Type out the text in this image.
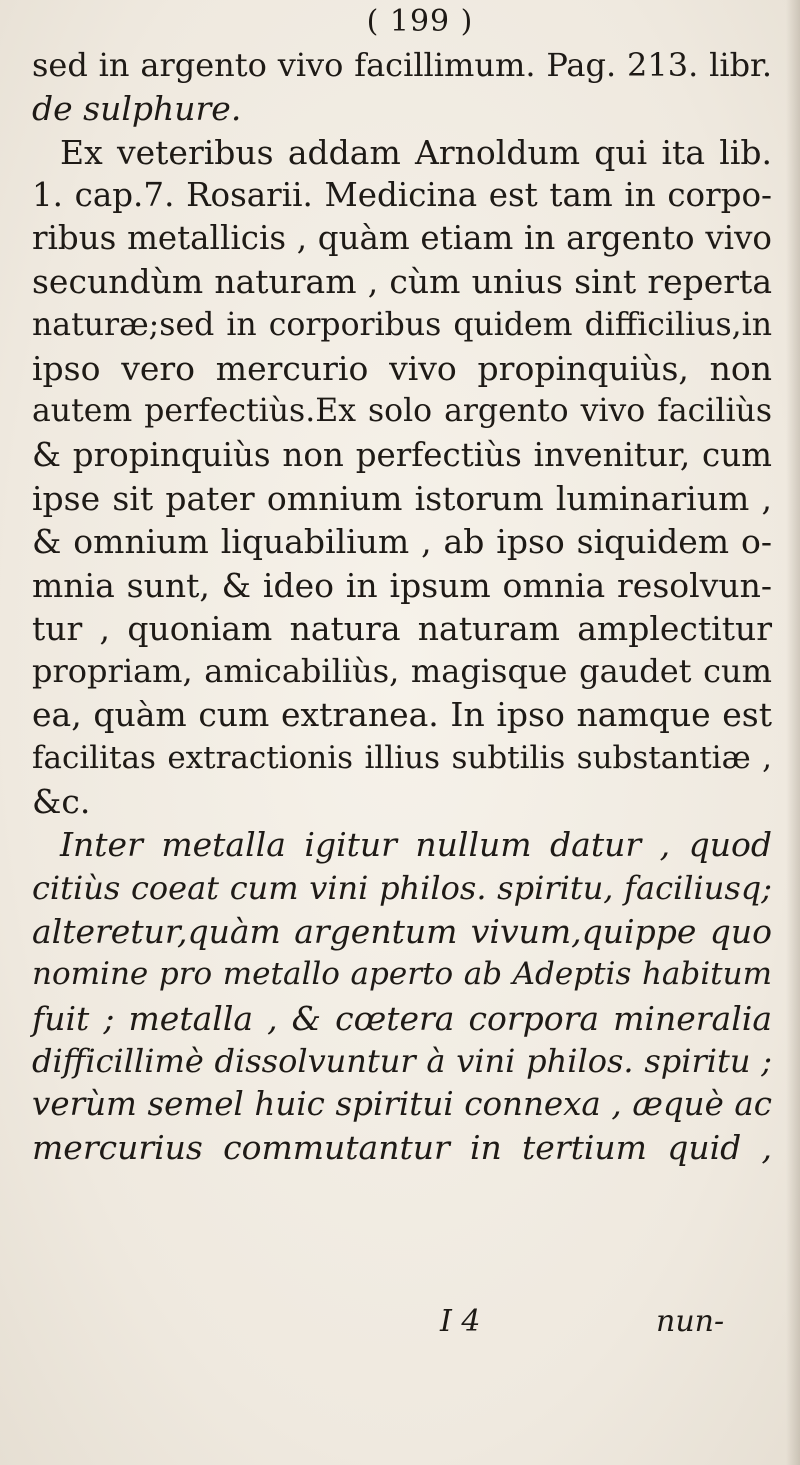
( 199 )
sed in argento vivo facillimum. Pag. 213. libr.
de sulphure.
Ex veteribus addam Arnoldum qui ita lib.
1. cap.7. Rosarii. Medicina est tam in corpo-
ribus metallicis , quàm etiam in argento vivo
secundùm naturam , cùm unius sint reperta
naturæ;sed in corporibus quidem difficilius,in
ipso vero mercurio vivo propinquiùs, non
autem perfectiùs.Ex solo argento vivo faciliùs
& propinquiùs non perfectiùs invenitur, cum
ipse sit pater omnium istorum luminarium ,
& omnium liquabilium , ab ipso siquidem o-
mnia sunt, & ideo in ipsum omnia resolvun-
tur , quoniam natura naturam amplectitur
propriam, amicabiliùs, magisque gaudet cum
ea, quàm cum extranea. In ipso namque est
facilitas extractionis illius subtilis substantiæ ,
&c.
Inter metalla igitur nullum datur , quod
citiùs coeat cum vini philos. spiritu, faciliusq;
alteretur,quàm argentum vivum,quippe quo
nomine pro metallo aperto ab Adeptis habitum
fuit ; metalla , & cœtera corpora mineralia
difficillimè dissolvuntur à vini philos. spiritu ;
verùm semel huic spiritui connexa , æquè ac
mercurius commutantur in tertium quid ,
I 4	nun-
